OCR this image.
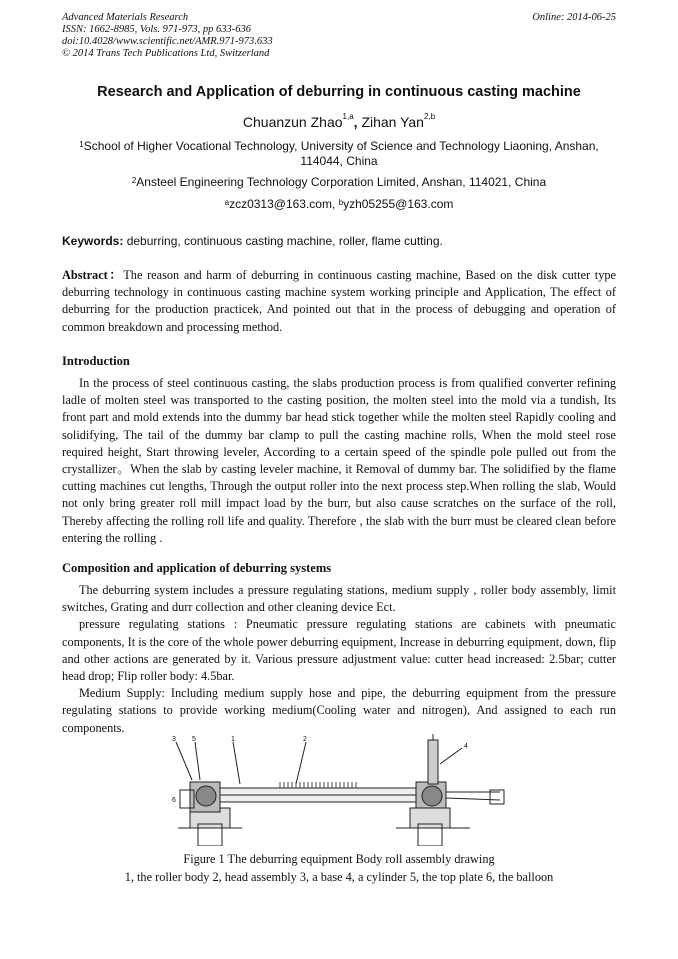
Advanced Materials Research
ISSN: 1662-8985, Vols. 971-973, pp 633-636
doi:10.4028/www.scientific.net/AMR.971-973.633
© 2014 Trans Tech Publications Ltd, Switzerland
Online: 2014-06-25
Research and Application of deburring in continuous casting machine
Chuanzun Zhao$^{1,a}$, Zihan Yan$^{2,b}$
$^1$School of Higher Vocational Technology, University of Science and Technology Liaoning, Anshan, 114044, China
$^2$Ansteel Engineering Technology Corporation Limited, Anshan, 114021, China
$^a$zcz0313@163.com, $^b$yzh05255@163.com
Keywords: deburring, continuous casting machine, roller, flame cutting.

Abstract：The reason and harm of deburring in continuous casting machine, Based on the disk cutter type deburring technology in continuous casting machine system working principle and Application, The effect of deburring for the production practicek, And pointed out that in the process of debugging and operation of common breakdown and processing method.

Introduction

In the process of steel continuous casting, the slabs production process is from qualified converter refining ladle of molten steel was transported to the casting position, the molten steel into the mold via a tundish, Its front part and mold extends into the dummy bar head stick together while the molten steel Rapidly cooling and solidifying, The tail of the dummy bar clamp to pull the casting machine rolls, When the mold steel rose required height, Start throwing leveler, According to a certain speed of the spindle pole pulled out from the crystallizer。When the slab by casting leveler machine, it Removal of dummy bar. The solidified by the flame cutting machines cut lengths, Through the output roller into the next process step.When rolling the slab, Would not only bring greater roll mill impact load by the burr, but also cause scratches on the surface of the roll, Thereby affecting the rolling roll life and quality. Therefore , the slab with the burr must be cleared clean before entering the rolling .

Composition and application of deburring systems

The deburring system includes a pressure regulating stations, medium supply , roller body assembly, limit switches, Grating and durr collection and other cleaning device Ect.

pressure regulating stations : Pneumatic pressure regulating stations are cabinets with pneumatic components, It is the core of the whole power deburring equipment, Increase in deburring equipment, down, flip and other actions are generated by it. Various pressure adjustment value: cutter head increased: 2.5bar; cutter head drop; Flip roller body: 4.5bar.

Medium Supply: Including medium supply hose and pipe, the deburring equipment from the pressure regulating stations to provide working medium(Cooling water and nitrogen), And assigned to each run components.

3 5	1	2
6
4
Figure 1 The deburring equipment Body roll assembly drawing
1, the roller body 2, head assembly 3, a base 4, a cylinder 5, the top plate 6, the balloon
